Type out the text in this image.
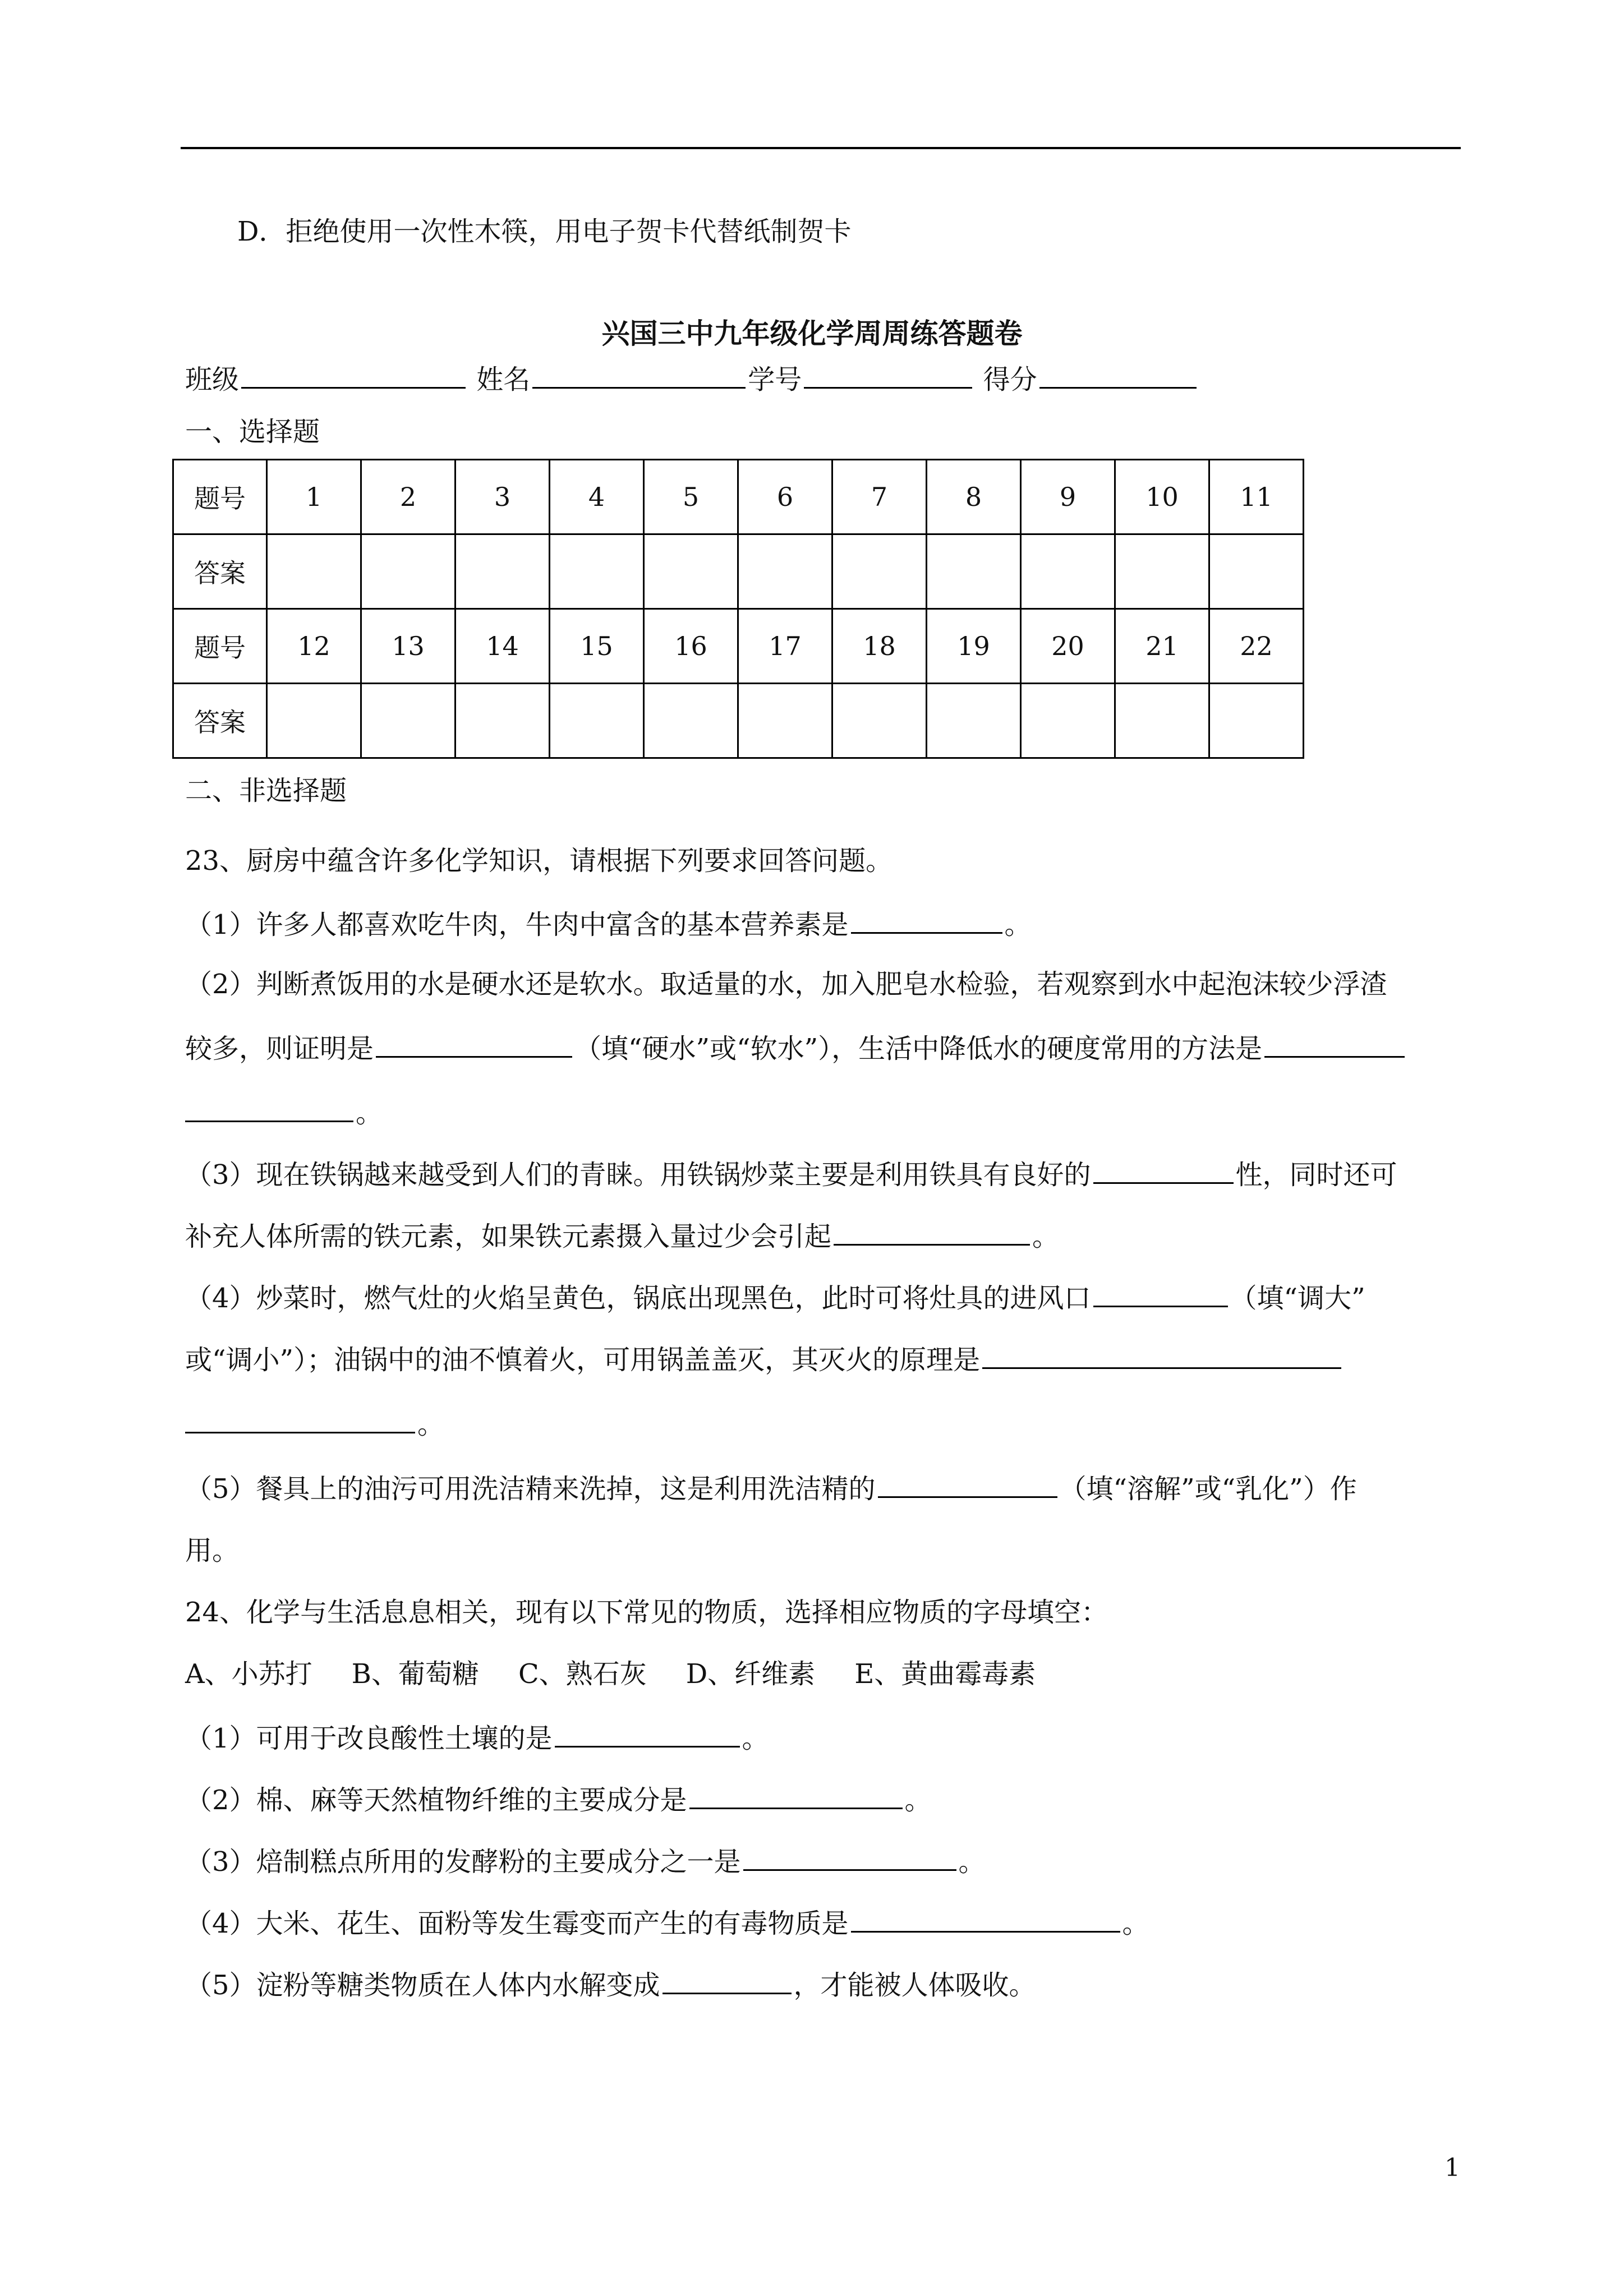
D．拒绝使用一次性木筷，用电子贺卡代替纸制贺卡
兴国三中九年级化学周周练答题卷
班级	姓名	学号	得分
一、选择题
题号	1	2	3	4	5	6	7	8	9	10	11
答案											
题号	12	13	14	15	16	17	18	19	20	21	22
答案											
二、非选择题
23、厨房中蕴含许多化学知识，请根据下列要求回答问题。
（1）许多人都喜欢吃牛肉，牛肉中富含的基本营养素是	。
（2）判断煮饭用的水是硬水还是软水。取适量的水，加入肥皂水检验，若观察到水中起泡沫较少浮渣
较多，则证明是	（填“硬水”或“软水”），生活中降低水的硬度常用的方法是
。
（3）现在铁锅越来越受到人们的青睐。用铁锅炒菜主要是利用铁具有良好的	性，同时还可
补充人体所需的铁元素，如果铁元素摄入量过少会引起	。
（4）炒菜时，燃气灶的火焰呈黄色，锅底出现黑色，此时可将灶具的进风口	（填“调大”
或“调小”）；油锅中的油不慎着火，可用锅盖盖灭，其灭火的原理是
。
（5）餐具上的油污可用洗洁精来洗掉，这是利用洗洁精的	（填“溶解”或“乳化”）作
用。
24、化学与生活息息相关，现有以下常见的物质，选择相应物质的字母填空：
A、小苏打 B、葡萄糖 C、熟石灰 D、纤维素 E、黄曲霉毒素
（1）可用于改良酸性土壤的是	。
（2）棉、麻等天然植物纤维的主要成分是	。
（3）焙制糕点所用的发酵粉的主要成分之一是	。
（4）大米、花生、面粉等发生霉变而产生的有毒物质是	。
（5）淀粉等糖类物质在人体内水解变成	，才能被人体吸收。
1
